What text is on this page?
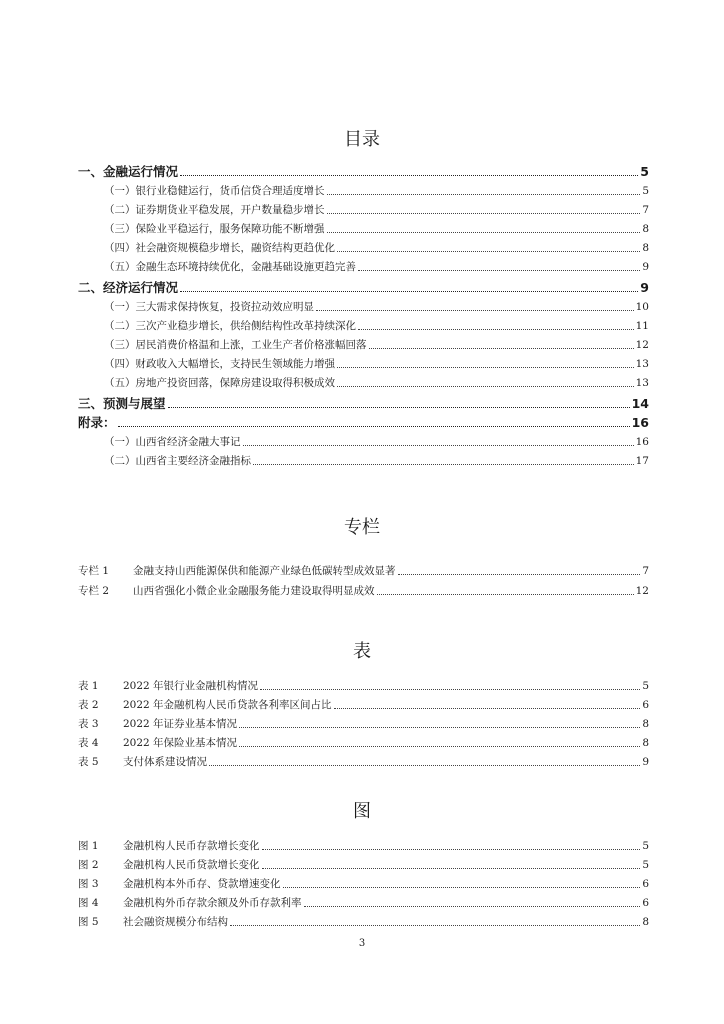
目录
一、金融运行情况	5
（一）银行业稳健运行，货币信贷合理适度增长	5
（二）证券期货业平稳发展，开户数量稳步增长	7
（三）保险业平稳运行，服务保障功能不断增强	8
（四）社会融资规模稳步增长，融资结构更趋优化	8
（五）金融生态环境持续优化，金融基础设施更趋完善	9
二、经济运行情况	9
（一）三大需求保持恢复，投资拉动效应明显	10
（二）三次产业稳步增长，供给侧结构性改革持续深化	11
（三）居民消费价格温和上涨，工业生产者价格涨幅回落	12
（四）财政收入大幅增长，支持民生领域能力增强	13
（五）房地产投资回落，保障房建设取得积极成效	13
三、预测与展望	14
附录：	16
（一）山西省经济金融大事记	16
（二）山西省主要经济金融指标	17
专栏
专栏 1	金融支持山西能源保供和能源产业绿色低碳转型成效显著	7
专栏 2	山西省强化小微企业金融服务能力建设取得明显成效	12
表
表 1	2022 年银行业金融机构情况	5
表 2	2022 年金融机构人民币贷款各利率区间占比	6
表 3	2022 年证券业基本情况	8
表 4	2022 年保险业基本情况	8
表 5	支付体系建设情况	9
图
图 1	金融机构人民币存款增长变化	5
图 2	金融机构人民币贷款增长变化	5
图 3	金融机构本外币存、贷款增速变化	6
图 4	金融机构外币存款余额及外币存款利率	6
图 5	社会融资规模分布结构	8
3
